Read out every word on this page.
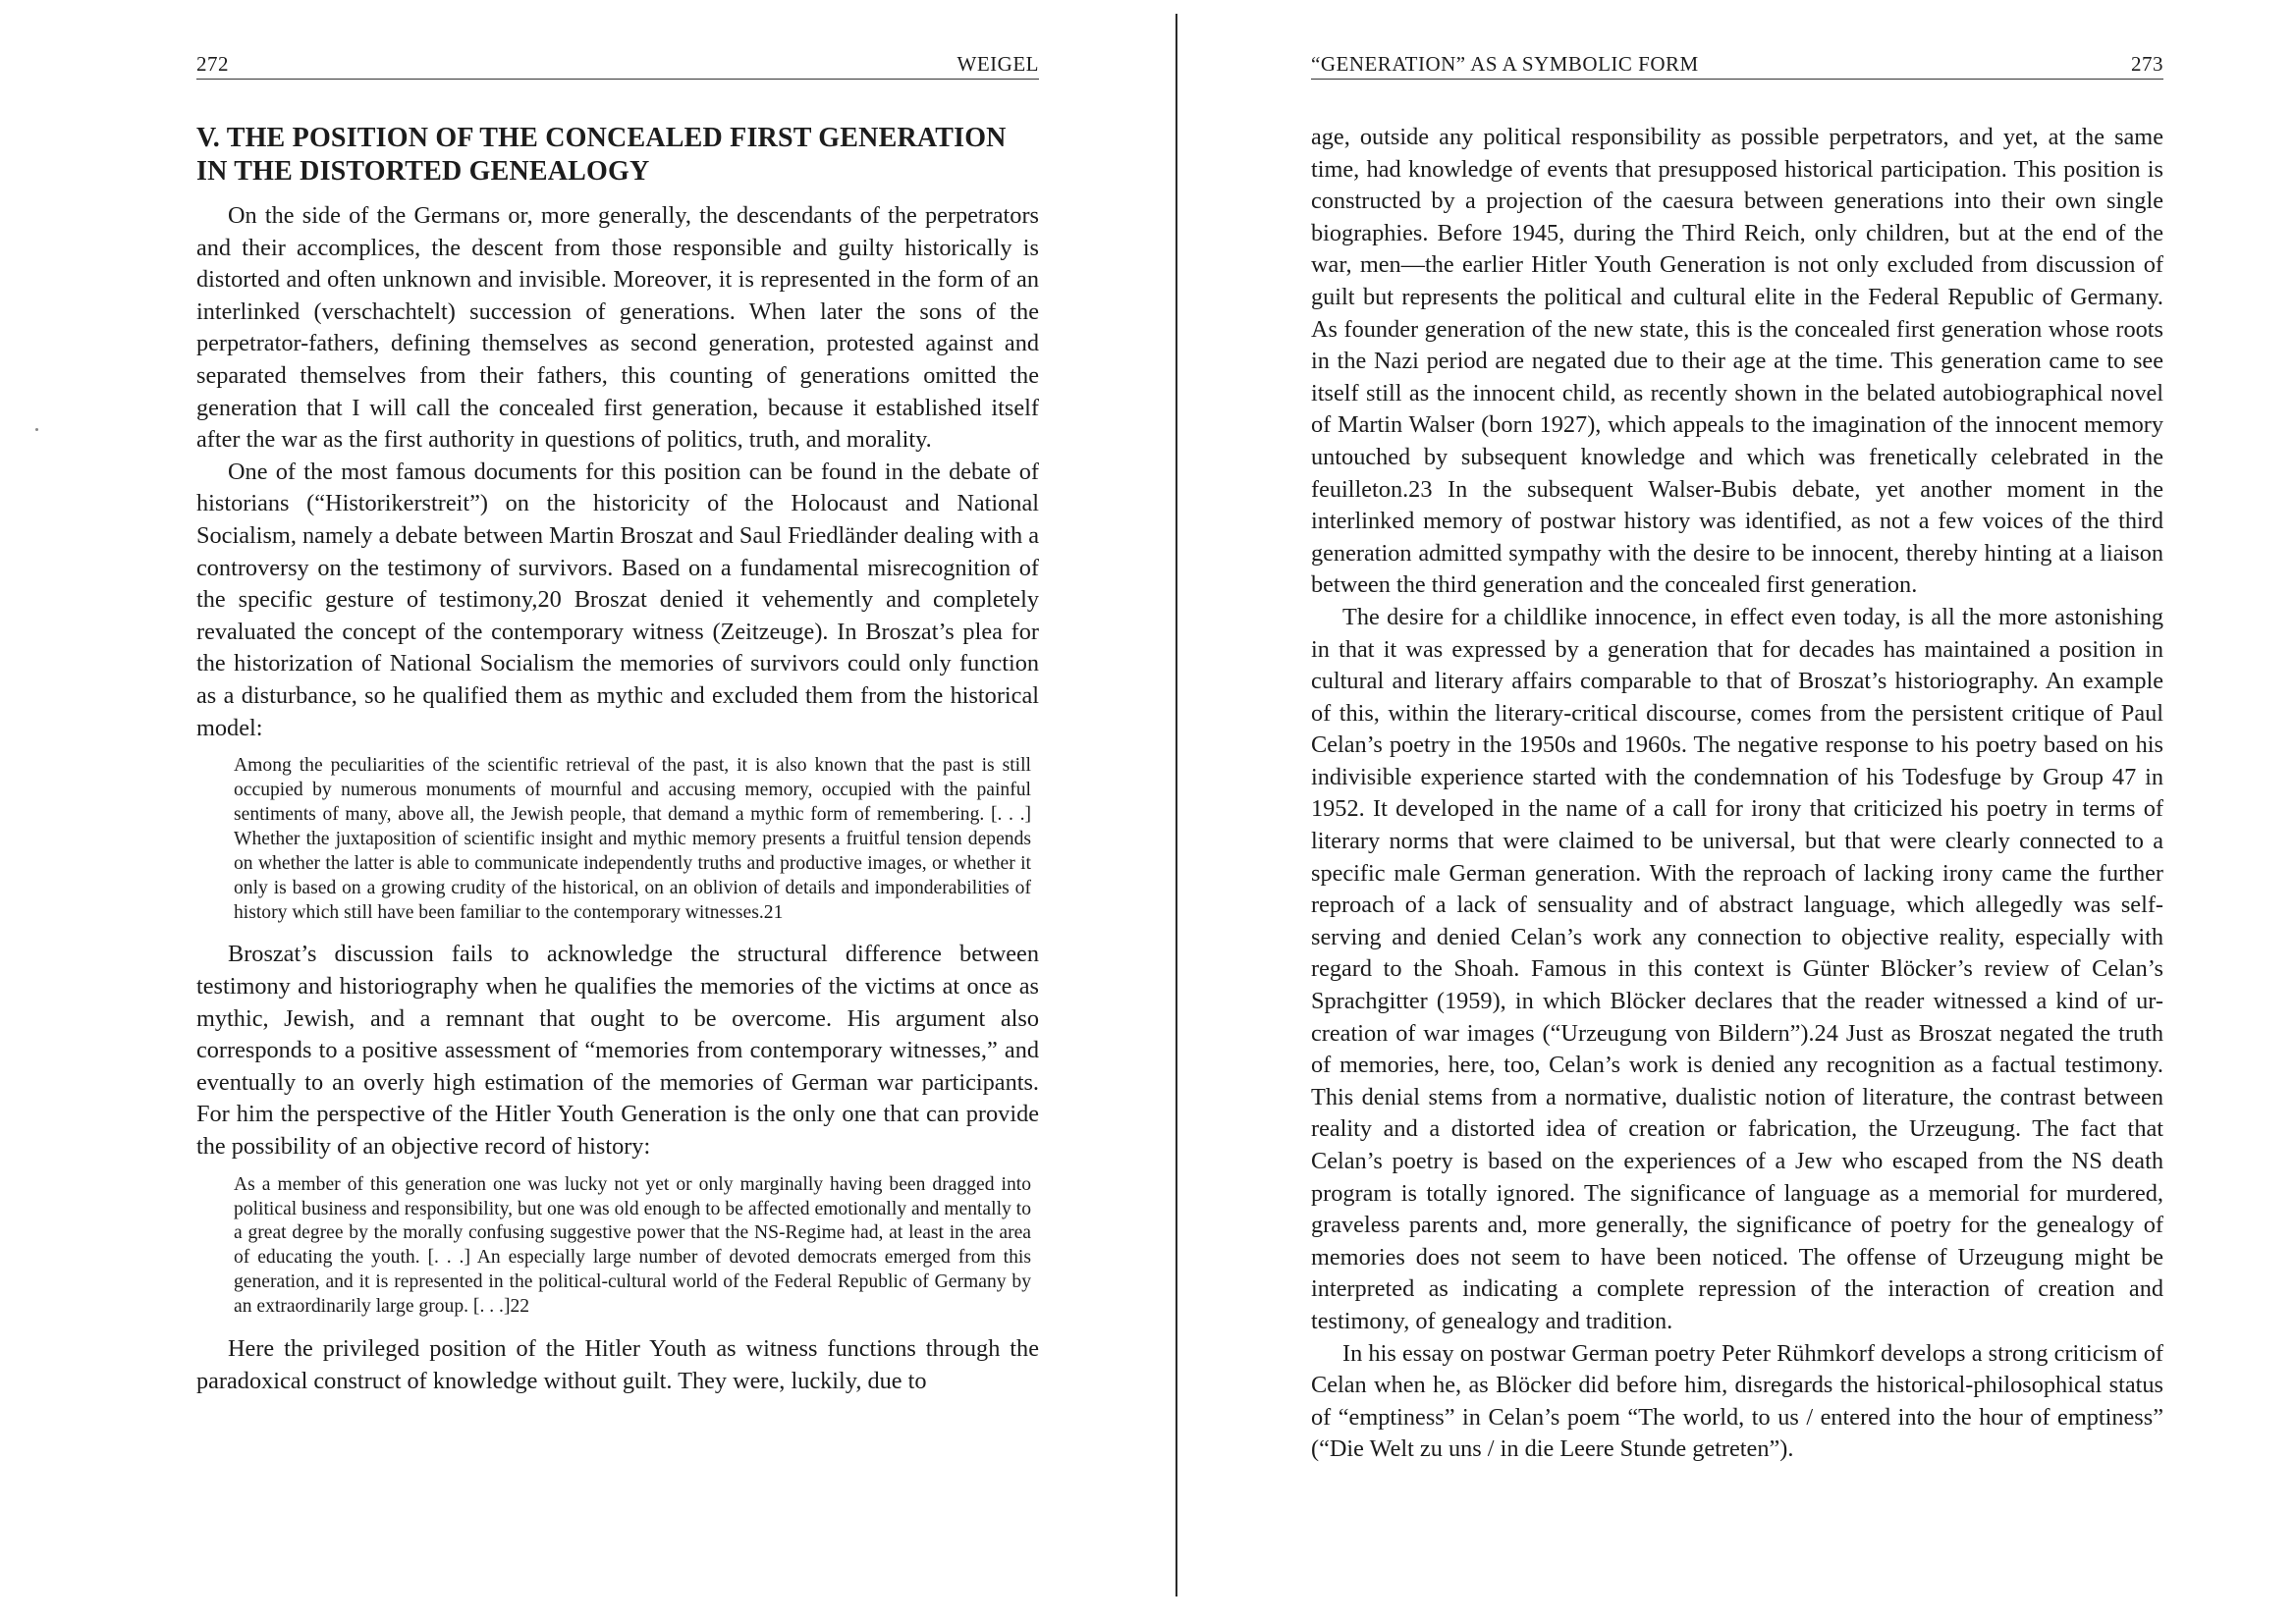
272	WEIGEL
V. THE POSITION OF THE CONCEALED FIRST GENERATION
IN THE DISTORTED GENEALOGY

On the side of the Germans or, more generally, the descendants of the perpetrators and their accomplices, the descent from those responsible and guilty historically is distorted and often unknown and invisible. Moreover, it is represented in the form of an interlinked (verschachtelt) succession of generations. When later the sons of the perpetrator-fathers, defining themselves as second generation, protested against and separated themselves from their fathers, this counting of generations omitted the generation that I will call the concealed first generation, because it established itself after the war as the first authority in questions of politics, truth, and morality.

One of the most famous documents for this position can be found in the debate of historians (“Historikerstreit”) on the historicity of the Holocaust and National Socialism, namely a debate between Martin Broszat and Saul Friedländer dealing with a controversy on the testimony of survivors. Based on a fundamental misrecognition of the specific gesture of testimony,20 Broszat denied it vehemently and completely revaluated the concept of the contemporary witness (Zeitzeuge). In Broszat’s plea for the historization of National Socialism the memories of survivors could only function as a disturbance, so he qualified them as mythic and excluded them from the historical model:

Among the peculiarities of the scientific retrieval of the past, it is also known that the past is still occupied by numerous monuments of mournful and accusing memory, occupied with the painful sentiments of many, above all, the Jewish people, that demand a mythic form of remembering. [. . .] Whether the juxtaposition of scientific insight and mythic memory presents a fruitful tension depends on whether the latter is able to communicate independently truths and productive images, or whether it only is based on a growing crudity of the historical, on an oblivion of details and imponderabilities of history which still have been familiar to the contemporary witnesses.21

Broszat’s discussion fails to acknowledge the structural difference between testimony and historiography when he qualifies the memories of the victims at once as mythic, Jewish, and a remnant that ought to be overcome. His argument also corresponds to a positive assessment of “memories from contemporary witnesses,” and eventually to an overly high estimation of the memories of German war participants. For him the perspective of the Hitler Youth Generation is the only one that can provide the possibility of an objective record of history:

As a member of this generation one was lucky not yet or only marginally having been dragged into political business and responsibility, but one was old enough to be affected emotionally and mentally to a great degree by the morally confusing suggestive power that the NS-Regime had, at least in the area of educating the youth. [. . .] An especially large number of devoted democrats emerged from this generation, and it is represented in the political-cultural world of the Federal Republic of Germany by an extraordinarily large group. [. . .]22

Here the privileged position of the Hitler Youth as witness functions through the paradoxical construct of knowledge without guilt. They were, luckily, due to

“GENERATION” AS A SYMBOLIC FORM	273

age, outside any political responsibility as possible perpetrators, and yet, at the same time, had knowledge of events that presupposed historical participation. This position is constructed by a projection of the caesura between generations into their own single biographies. Before 1945, during the Third Reich, only children, but at the end of the war, men—the earlier Hitler Youth Generation is not only excluded from discussion of guilt but represents the political and cultural elite in the Federal Republic of Germany. As founder generation of the new state, this is the concealed first generation whose roots in the Nazi period are negated due to their age at the time. This generation came to see itself still as the innocent child, as recently shown in the belated autobiographical novel of Martin Walser (born 1927), which appeals to the imagination of the innocent memory untouched by subsequent knowledge and which was frenetically celebrated in the feuilleton.23 In the subsequent Walser-Bubis debate, yet another moment in the interlinked memory of postwar history was identified, as not a few voices of the third generation admitted sympathy with the desire to be innocent, thereby hinting at a liaison between the third generation and the concealed first generation.

The desire for a childlike innocence, in effect even today, is all the more astonishing in that it was expressed by a generation that for decades has maintained a position in cultural and literary affairs comparable to that of Broszat’s historiography. An example of this, within the literary-critical discourse, comes from the persistent critique of Paul Celan’s poetry in the 1950s and 1960s. The negative response to his poetry based on his indivisible experience started with the condemnation of his Todesfuge by Group 47 in 1952. It developed in the name of a call for irony that criticized his poetry in terms of literary norms that were claimed to be universal, but that were clearly connected to a specific male German generation. With the reproach of lacking irony came the further reproach of a lack of sensuality and of abstract language, which allegedly was self-serving and denied Celan’s work any connection to objective reality, especially with regard to the Shoah. Famous in this context is Günter Blöcker’s review of Celan’s Sprachgitter (1959), in which Blöcker declares that the reader witnessed a kind of ur-creation of war images (“Urzeugung von Bildern”).24 Just as Broszat negated the truth of memories, here, too, Celan’s work is denied any recognition as a factual testimony. This denial stems from a normative, dualistic notion of literature, the contrast between reality and a distorted idea of creation or fabrication, the Urzeugung. The fact that Celan’s poetry is based on the experiences of a Jew who escaped from the NS death program is totally ignored. The significance of language as a memorial for murdered, graveless parents and, more generally, the significance of poetry for the genealogy of memories does not seem to have been noticed. The offense of Urzeugung might be interpreted as indicating a complete repression of the interaction of creation and testimony, of genealogy and tradition.

In his essay on postwar German poetry Peter Rühmkorf develops a strong criticism of Celan when he, as Blöcker did before him, disregards the historical-philosophical status of “emptiness” in Celan’s poem “The world, to us / entered into the hour of emptiness” (“Die Welt zu uns / in die Leere Stunde getreten”).
